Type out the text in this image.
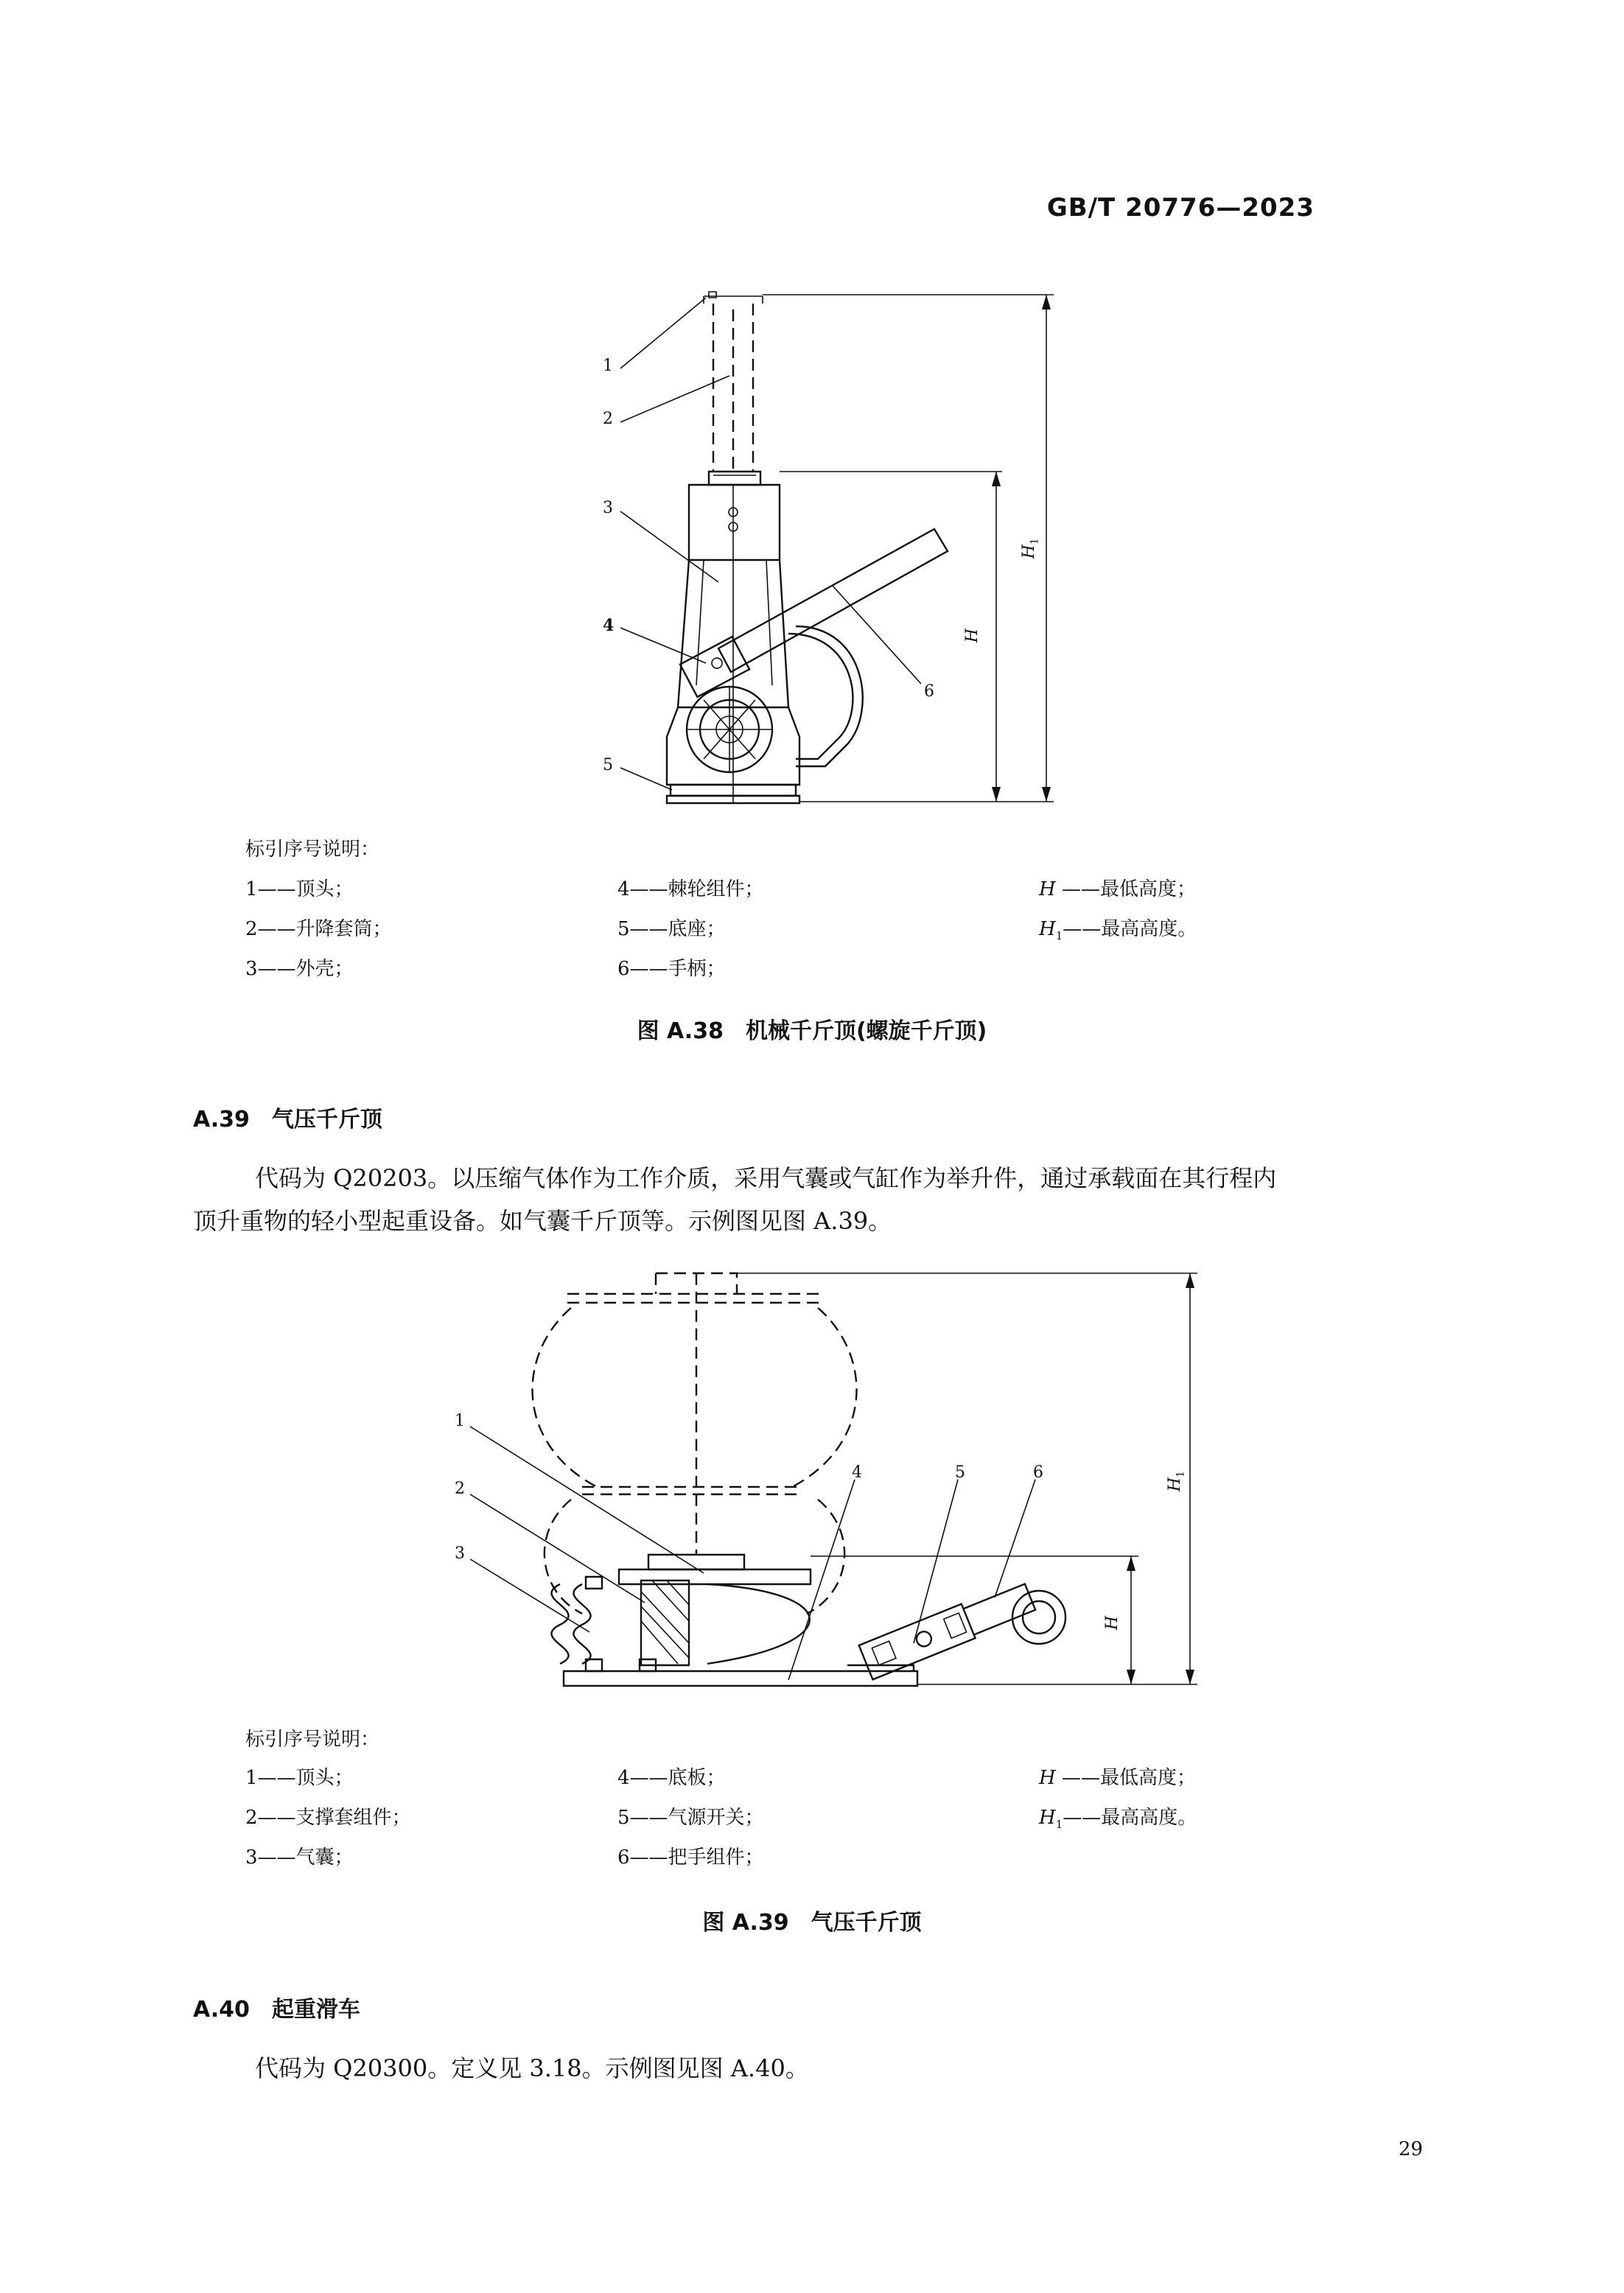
GB/T 20776—2023
1
2
3
4
5
6
H
$H_1$
标引序号说明：
1——顶头；
2——升降套筒；
3——外壳；
4——棘轮组件；
5——底座；
6——手柄；
H ——最低高度；
$H_1——$最高高度。
图 A.38　机械千斤顶(螺旋千斤顶)
A.39　气压千斤顶
代码为 Q20203。以压缩气体作为工作介质，采用气囊或气缸作为举升件，通过承载面在其行程内
顶升重物的轻小型起重设备。如气囊千斤顶等。示例图见图 A.39。
1
2
3
4	5	6
H
$H_1$
标引序号说明：
1——顶头；
2——支撑套组件；
3——气囊；
4——底板；
5——气源开关；
6——把手组件；
H ——最低高度；
$H_1——$最高高度。
图 A.39　气压千斤顶
A.40　起重滑车
代码为 Q20300。定义见 3.18。示例图见图 A.40。
29
